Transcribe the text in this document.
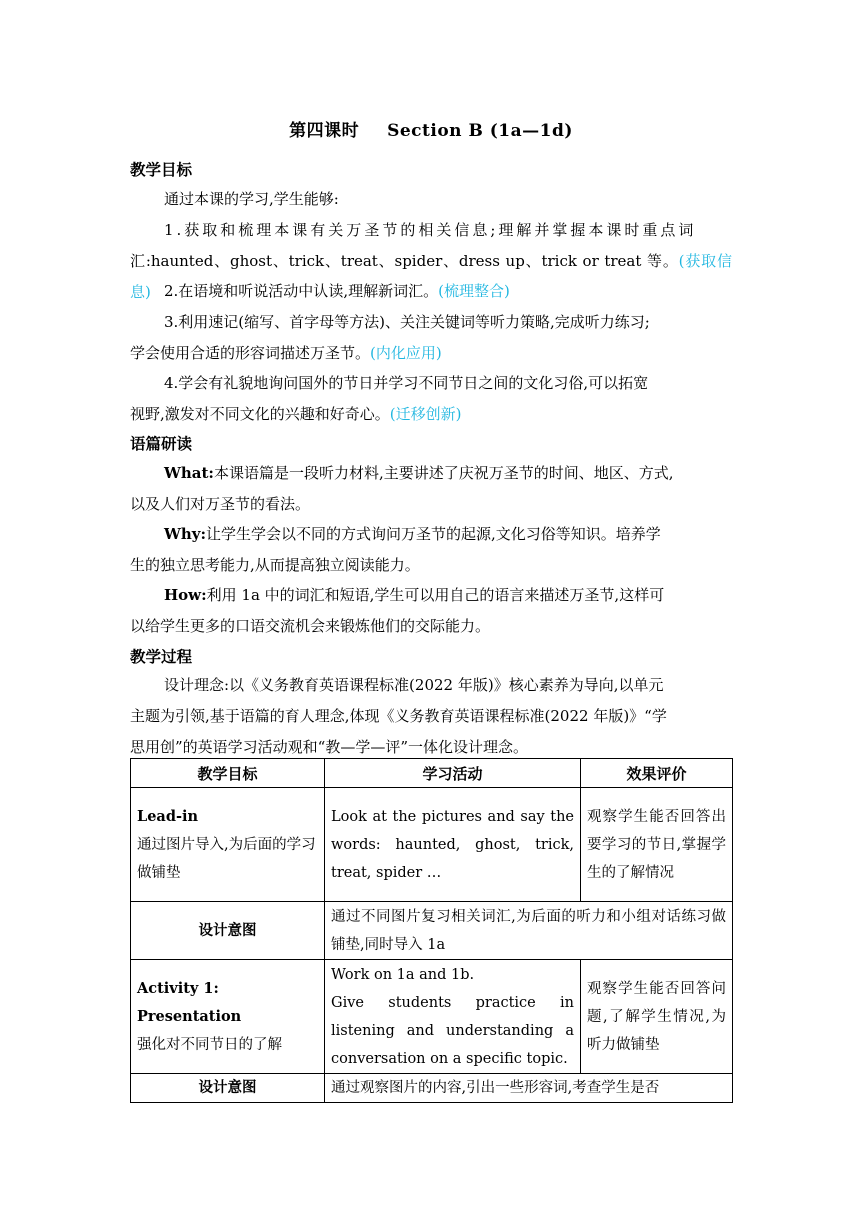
第四课时 Section B (1a—1d)
教学目标
通过本课的学习,学生能够:
1.获取和梳理本课有关万圣节的相关信息;理解并掌握本课时重点词
汇:haunted、ghost、trick、treat、spider、dress up、trick or treat 等。(获取信息) 2.在语境和听说活动中认读,理解新词汇。(梳理整合)
3.利用速记(缩写、首字母等方法)、关注关键词等听力策略,完成听力练习;
学会使用合适的形容词描述万圣节。(内化应用)
4.学会有礼貌地询问国外的节日并学习不同节日之间的文化习俗,可以拓宽
视野,激发对不同文化的兴趣和好奇心。(迁移创新)
语篇研读
What:本课语篇是一段听力材料,主要讲述了庆祝万圣节的时间、地区、方式,
以及人们对万圣节的看法。
Why:让学生学会以不同的方式询问万圣节的起源,文化习俗等知识。培养学
生的独立思考能力,从而提高独立阅读能力。
How:利用 1a 中的词汇和短语,学生可以用自己的语言来描述万圣节,这样可
以给学生更多的口语交流机会来锻炼他们的交际能力。
教学过程
设计理念:以《义务教育英语课程标准(2022 年版)》核心素养为导向,以单元
主题为引领,基于语篇的育人理念,体现《义务教育英语课程标准(2022 年版)》“学
思用创”的英语学习活动观和“教—学—评”一体化设计理念。
教学目标	学习活动	效果评价

Lead-in
通过图片导入,为后面的学习做铺垫	Look at the pictures and say the words: haunted, ghost, trick, treat, spider …	观察学生能否回答出要学习的节日,掌握学生的了解情况
设计意图	通过不同图片复习相关词汇,为后面的听力和小组对话练习做铺垫,同时导入 1a	

Activity 1:
Presentation
强化对不同节日的了解	Work on 1a and 1b.
Give students practice in listening and understanding a conversation on a specific topic.	观察学生能否回答问题,了解学生情况,为听力做铺垫
设计意图	通过观察图片的内容,引出一些形容词,考查学生是否	
